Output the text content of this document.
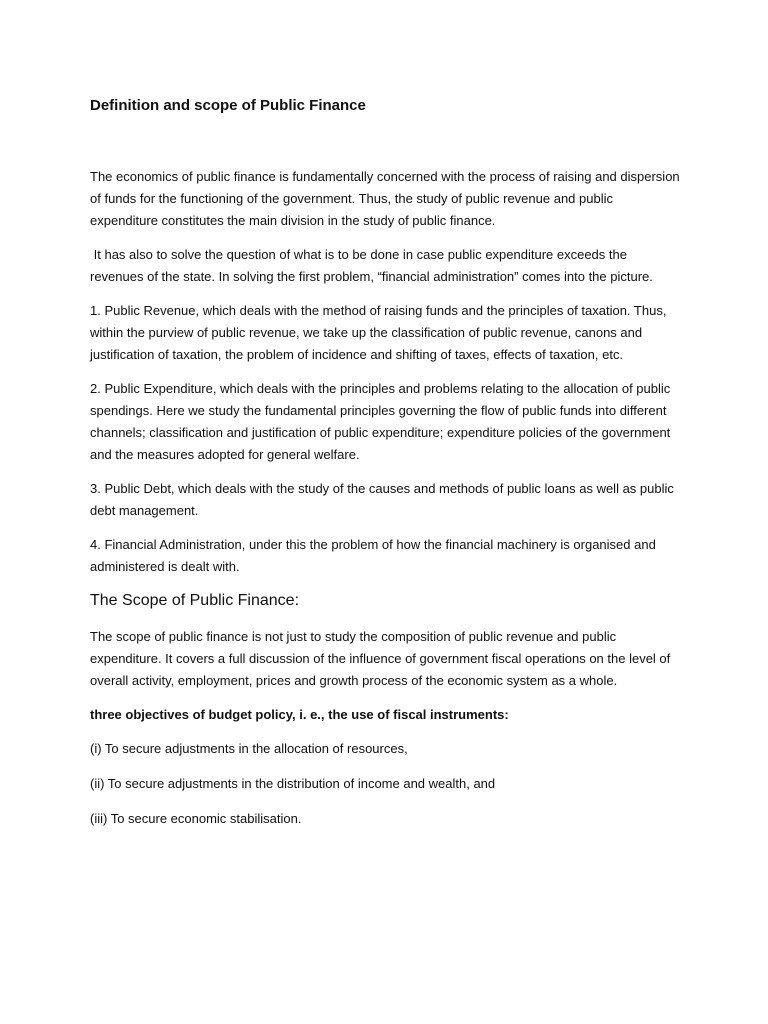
Definition and scope of Public Finance

The economics of public finance is fundamentally concerned with the process of raising and dispersion of funds for the functioning of the government. Thus, the study of public revenue and public expenditure constitutes the main division in the study of public finance.

It has also to solve the question of what is to be done in case public expenditure exceeds the revenues of the state. In solving the first problem, “financial administration” comes into the picture.

1. Public Revenue, which deals with the method of raising funds and the principles of taxation. Thus, within the purview of public revenue, we take up the classification of public revenue, canons and justification of taxation, the problem of incidence and shifting of taxes, effects of taxation, etc.

2. Public Expenditure, which deals with the principles and problems relating to the allocation of public spendings. Here we study the fundamental principles governing the flow of public funds into different channels; classification and justification of public expenditure; expenditure policies of the government and the measures adopted for general welfare.

3. Public Debt, which deals with the study of the causes and methods of public loans as well as public debt management.

4. Financial Administration, under this the problem of how the financial machinery is organised and administered is dealt with.

The Scope of Public Finance:

The scope of public finance is not just to study the composition of public revenue and public expenditure. It covers a full discussion of the influence of government fiscal operations on the level of overall activity, employment, prices and growth process of the economic system as a whole.

three objectives of budget policy, i. e., the use of fiscal instruments:

(i) To secure adjustments in the allocation of resources,

(ii) To secure adjustments in the distribution of income and wealth, and

(iii) To secure economic stabilisation.
